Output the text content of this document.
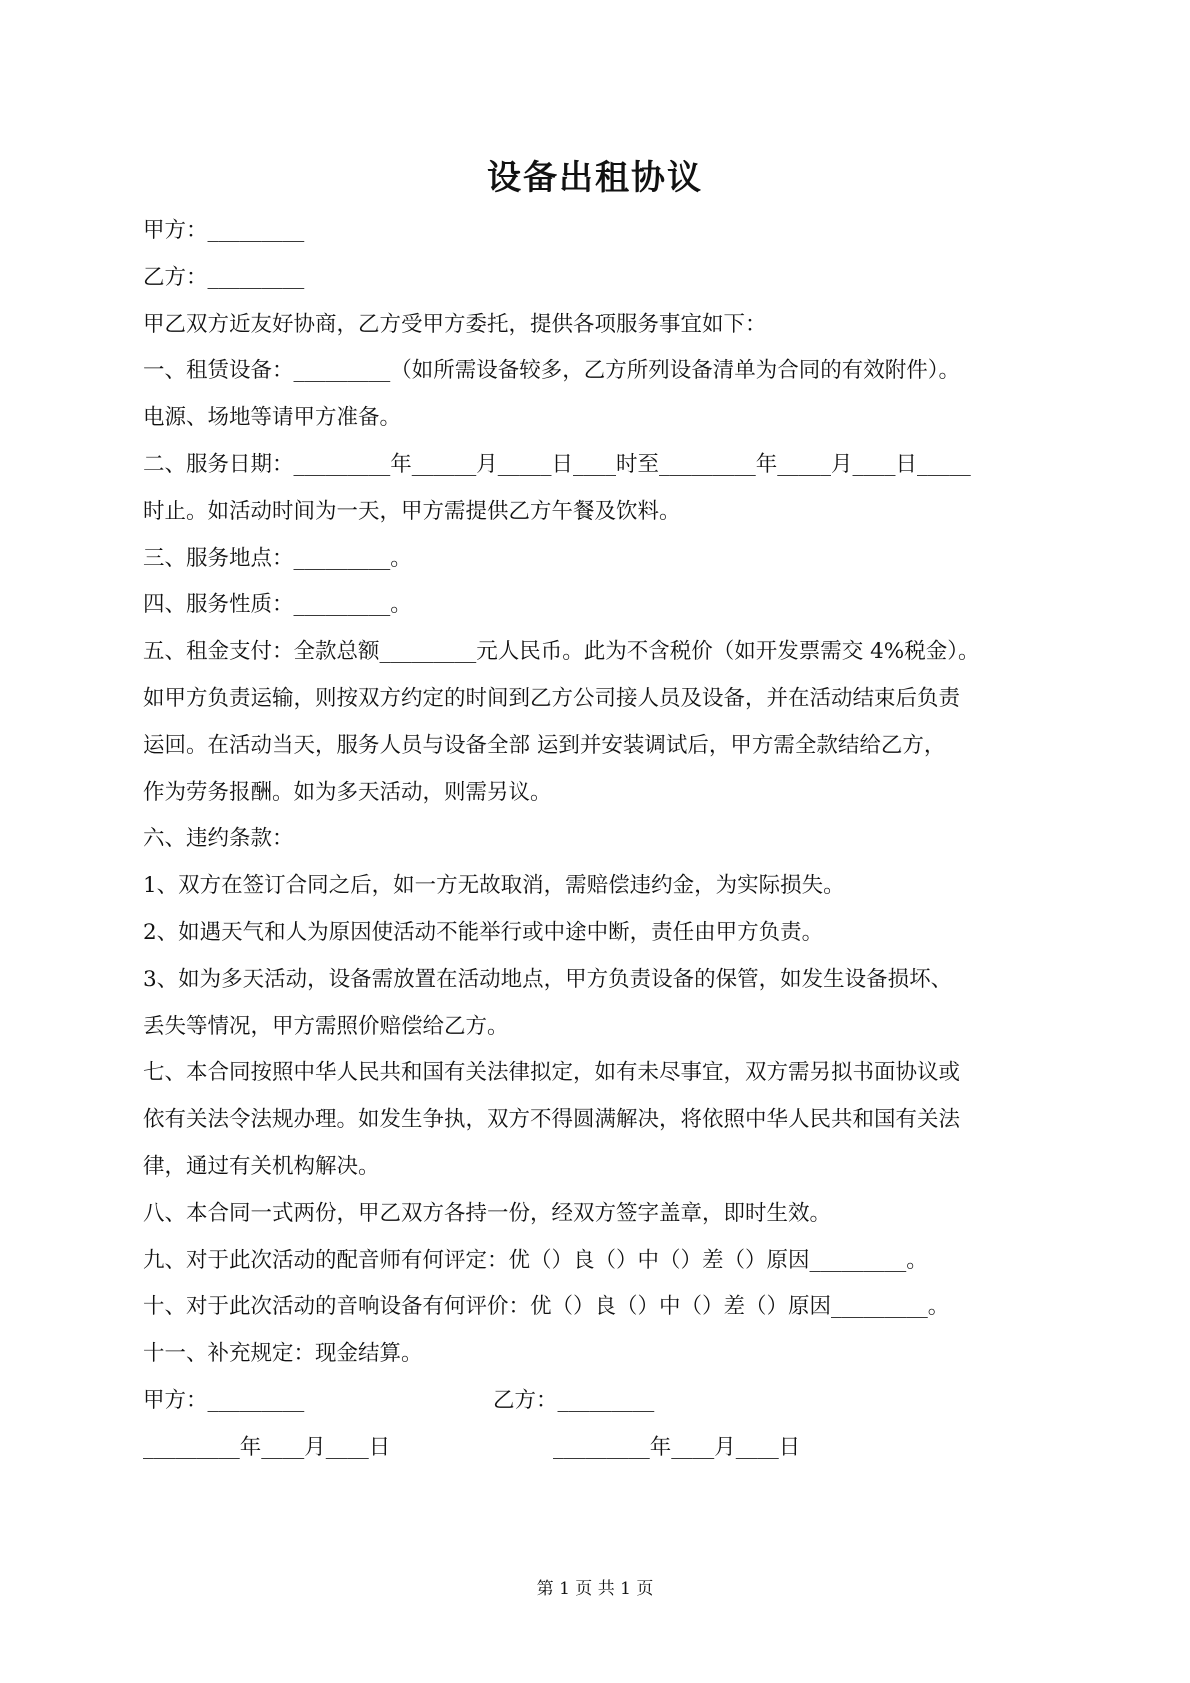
设备出租协议
甲方：_________
乙方：_________
甲乙双方近友好协商，乙方受甲方委托，提供各项服务事宜如下：
一、租赁设备：_________（如所需设备较多，乙方所列设备清单为合同的有效附件）。
电源、场地等请甲方准备。
二、服务日期：_________年______月_____日____时至_________年_____月____日_____
时止。如活动时间为一天，甲方需提供乙方午餐及饮料。
三、服务地点：_________。
四、服务性质：_________。
五、租金支付：全款总额_________元人民币。此为不含税价（如开发票需交 4%税金）。
如甲方负责运输，则按双方约定的时间到乙方公司接人员及设备，并在活动结束后负责
运回。在活动当天，服务人员与设备全部 运到并安装调试后，甲方需全款结给乙方，
作为劳务报酬。如为多天活动，则需另议。
六、违约条款：
1、双方在签订合同之后，如一方无故取消，需赔偿违约金，为实际损失。
2、如遇天气和人为原因使活动不能举行或中途中断，责任由甲方负责。
3、如为多天活动，设备需放置在活动地点，甲方负责设备的保管，如发生设备损坏、
丢失等情况，甲方需照价赔偿给乙方。
七、本合同按照中华人民共和国有关法律拟定，如有未尽事宜，双方需另拟书面协议或
依有关法令法规办理。如发生争执，双方不得圆满解决，将依照中华人民共和国有关法
律，通过有关机构解决。
八、本合同一式两份，甲乙双方各持一份，经双方签字盖章，即时生效。
九、对于此次活动的配音师有何评定：优（）良（）中（）差（）原因_________。
十、对于此次活动的音响设备有何评价：优（）良（）中（）差（）原因_________。
十一、补充规定：现金结算。
甲方：_________	乙方：_________
_________年____月____日	_________年____月____日
第 1 页 共 1 页
